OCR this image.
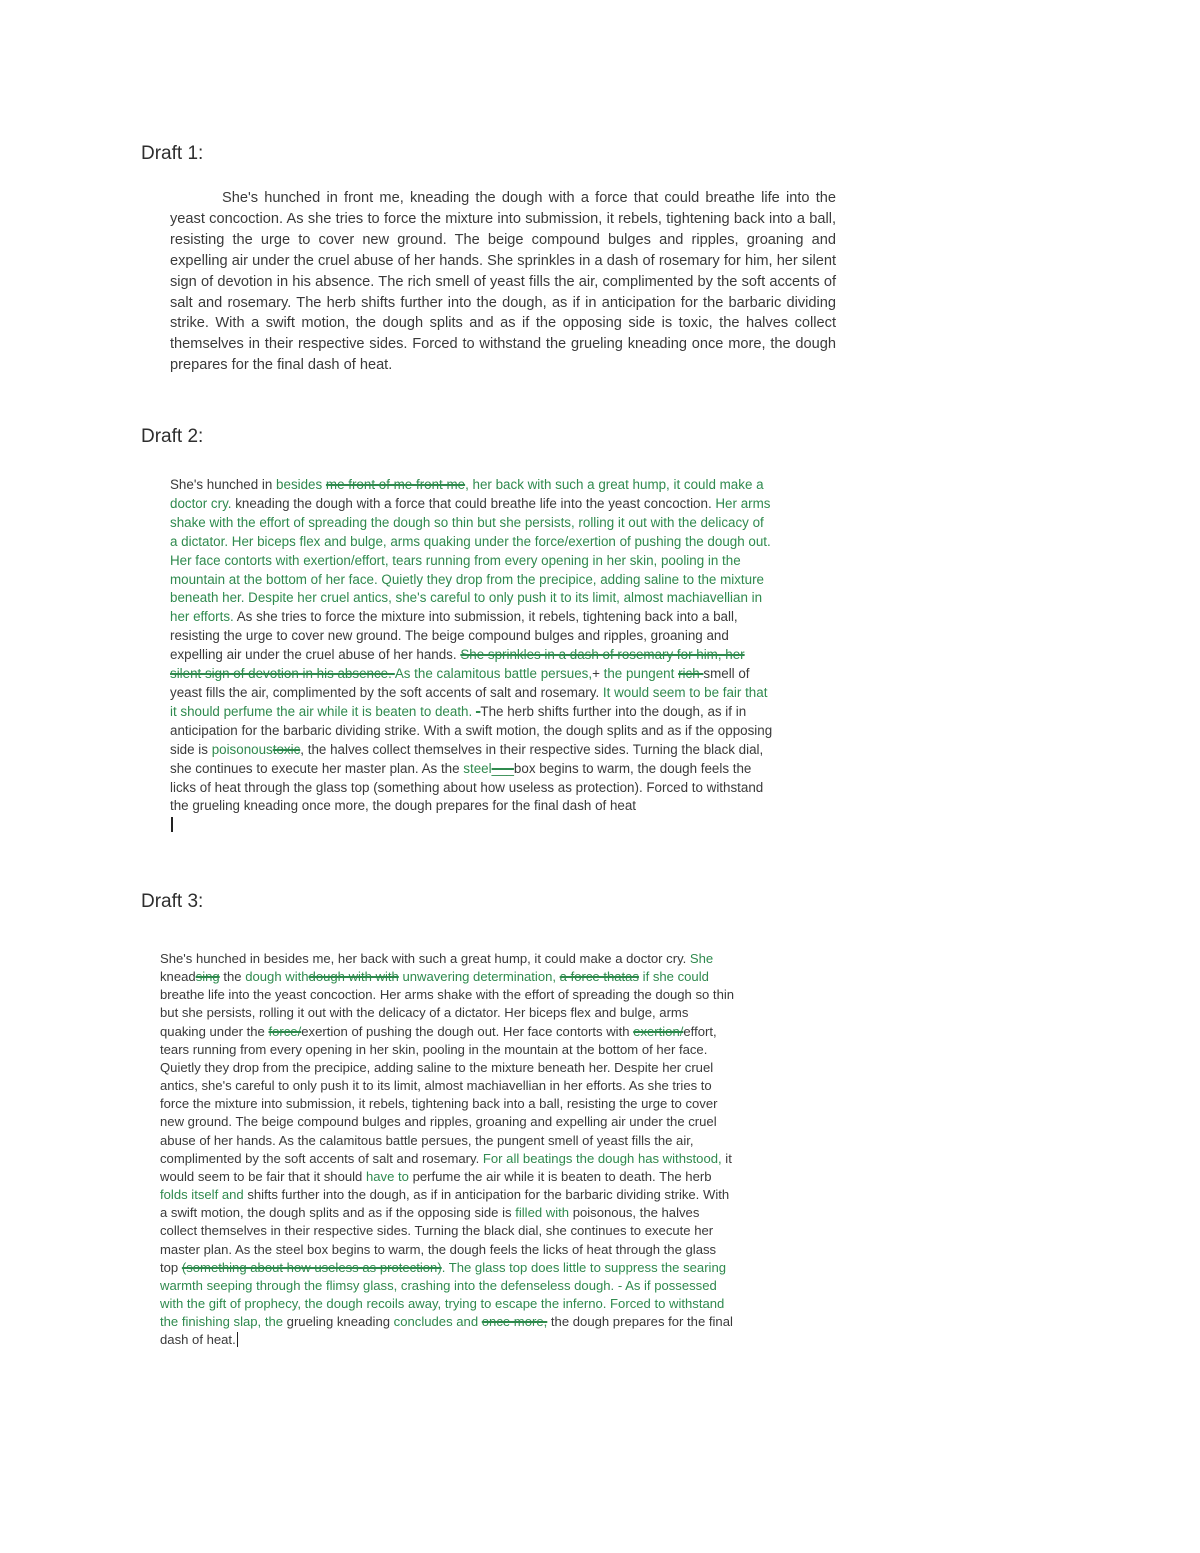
Draft 1:

She's hunched in front me, kneading the dough with a force that could breathe life into the yeast concoction. As she tries to force the mixture into submission, it rebels, tightening back into a ball, resisting the urge to cover new ground. The beige compound bulges and ripples, groaning and expelling air under the cruel abuse of her hands. She sprinkles in a dash of rosemary for him, her silent sign of devotion in his absence. The rich smell of yeast fills the air, complimented by the soft accents of salt and rosemary. The herb shifts further into the dough, as if in anticipation for the barbaric dividing strike. With a swift motion, the dough splits and as if the opposing side is toxic, the halves collect themselves in their respective sides. Forced to withstand the grueling kneading once more, the dough prepares for the final dash of heat.

Draft 2:

She's hunched in besides me front of me front me, her back with such a great hump, it could make a doctor cry. kneading the dough with a force that could breathe life into the yeast concoction. Her arms shake with the effort of spreading the dough so thin but she persists, rolling it out with the delicacy of a dictator. Her biceps flex and bulge, arms quaking under the force/exertion of pushing the dough out. Her face contorts with exertion/effort, tears running from every opening in her skin, pooling in the mountain at the bottom of her face. Quietly they drop from the precipice, adding saline to the mixture beneath her. Despite her cruel antics, she's careful to only push it to its limit, almost machiavellian in her efforts. As she tries to force the mixture into submission, it rebels, tightening back into a ball, resisting the urge to cover new ground. The beige compound bulges and ripples, groaning and expelling air under the cruel abuse of her hands. She sprinkles in a dash of rosemary for him, her silent sign of devotion in his absence. As the calamitous battle persues,+ the pungent rich smell of yeast fills the air, complimented by the soft accents of salt and rosemary. It would seem to be fair that it should perfume the air while it is beaten to death. -The herb shifts further into the dough, as if in anticipation for the barbaric dividing strike. With a swift motion, the dough splits and as if the opposing side is poisonoustoxic, the halves collect themselves in their respective sides. Turning the black dial, she continues to execute her master plan. As the steel___box begins to warm, the dough feels the licks of heat through the glass top (something about how useless as protection). Forced to withstand the grueling kneading once more, the dough prepares for the final dash of heat

Draft 3:

She's hunched in besides me, her back with such a great hump, it could make a doctor cry. She kneadsing the dough withdough with with unwavering determination, a force thatas if she could breathe life into the yeast concoction. Her arms shake with the effort of spreading the dough so thin but she persists, rolling it out with the delicacy of a dictator. Her biceps flex and bulge, arms quaking under the force/exertion of pushing the dough out. Her face contorts with exertion/effort, tears running from every opening in her skin, pooling in the mountain at the bottom of her face. Quietly they drop from the precipice, adding saline to the mixture beneath her. Despite her cruel antics, she's careful to only push it to its limit, almost machiavellian in her efforts. As she tries to force the mixture into submission, it rebels, tightening back into a ball, resisting the urge to cover new ground. The beige compound bulges and ripples, groaning and expelling air under the cruel abuse of her hands. As the calamitous battle persues, the pungent smell of yeast fills the air, complimented by the soft accents of salt and rosemary. For all beatings the dough has withstood, it would seem to be fair that it should have to perfume the air while it is beaten to death. The herb folds itself and shifts further into the dough, as if in anticipation for the barbaric dividing strike. With a swift motion, the dough splits and as if the opposing side is filled with poisonous, the halves collect themselves in their respective sides. Turning the black dial, she continues to execute her master plan. As the steel box begins to warm, the dough feels the licks of heat through the glass top (something about how useless as protection). The glass top does little to suppress the searing warmth seeping through the flimsy glass, crashing into the defenseless dough. - As if possessed with the gift of prophecy, the dough recoils away, trying to escape the inferno. Forced to withstand the finishing slap, the grueling kneading concludes and once more, the dough prepares for the final dash of heat.
